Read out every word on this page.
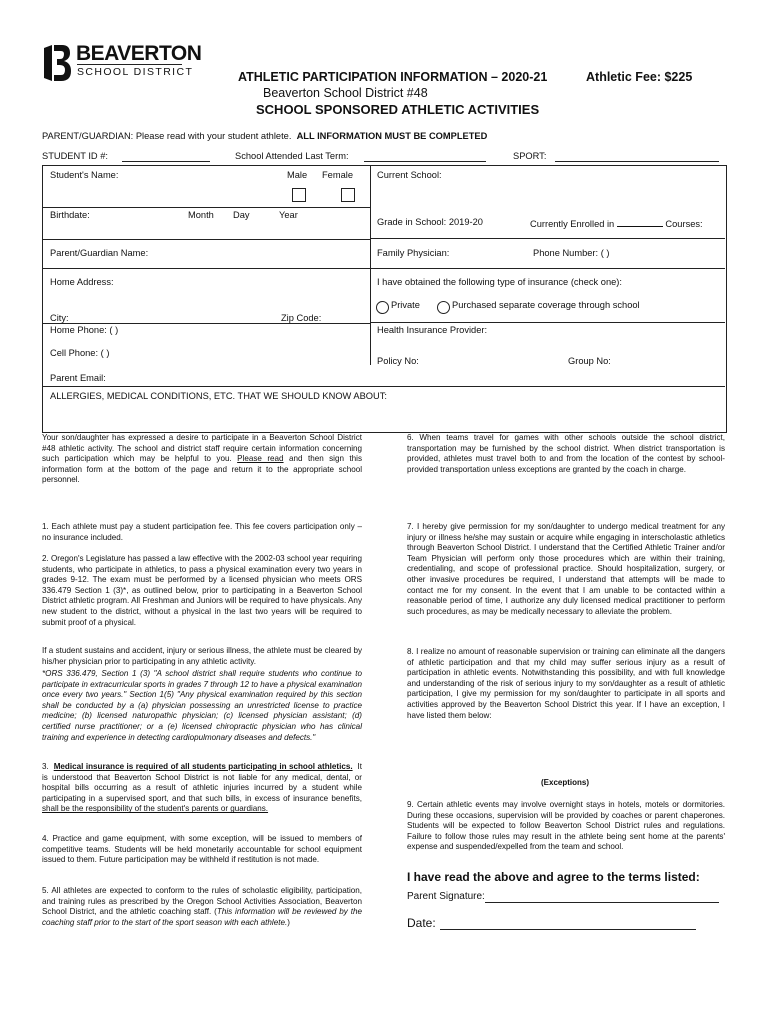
BEAVERTON
SCHOOL DISTRICT	ATHLETIC PARTICIPATION INFORMATION – 2020-21	Athletic Fee: $225
Beaverton School District #48
SCHOOL SPONSORED ATHLETIC ACTIVITIES
PARENT/GUARDIAN: Please read with your student athlete. ALL INFORMATION MUST BE COMPLETED
STUDENT ID #:	School Attended Last Term:	SPORT:
Student's Name:	Male Female
Birthdate:	Month Day	Year
Parent/Guardian Name:
Home Address:
City:	Zip Code:
Home Phone: ( )
Cell Phone: ( )
Parent Email:
Current School:
Grade in School: 2019-20	Currently Enrolled in	Courses:
Family Physician:	Phone Number: ( )
I have obtained the following type of insurance (check one):
Private	Purchased separate coverage through school
Health Insurance Provider:
Policy No:	Group No:
ALLERGIES, MEDICAL CONDITIONS, ETC. THAT WE SHOULD KNOW ABOUT:
Your son/daughter has expressed a desire to participate in a Beaverton School District #48 athletic activity. The school and district staff require certain information concerning such participation which may be helpful to you. Please read and then sign this information form at the bottom of the page and return it to the appropriate school personnel.
1. Each athlete must pay a student participation fee. This fee covers participation only – no insurance included.
2. Oregon's Legislature has passed a law effective with the 2002-03 school year requiring students, who participate in athletics, to pass a physical examination every two years in grades 9-12. The exam must be performed by a licensed physician who meets ORS 336.479 Section 1 (3)*, as outlined below, prior to participating in a Beaverton School District athletic program. All Freshman and Juniors will be required to have physicals. Any new student to the district, without a physical in the last two years will be required to submit proof of a physical.
If a student sustains and accident, injury or serious illness, the athlete must be cleared by his/her physician prior to participating in any athletic activity.
*ORS 336.479, Section 1 (3) "A school district shall require students who continue to participate in extracurricular sports in grades 7 through 12 to have a physical examination once every two years." Section 1(5) "Any physical examination required by this section shall be conducted by a (a) physician possessing an unrestricted license to practice medicine; (b) licensed naturopathic physician; (c) licensed physician assistant; (d) certified nurse practitioner; or a (e) licensed chiropractic physician who has clinical training and experience in detecting cardiopulmonary diseases and defects."
3. Medical insurance is required of all students participating in school athletics. It is understood that Beaverton School District is not liable for any medical, dental, or hospital bills occurring as a result of athletic injuries incurred by a student while participating in a supervised sport, and that such bills, in excess of insurance benefits, shall be the responsibility of the student's parents or guardians.
4. Practice and game equipment, with some exception, will be issued to members of competitive teams. Students will be held monetarily accountable for school equipment issued to them. Future participation may be withheld if restitution is not made.
5. All athletes are expected to conform to the rules of scholastic eligibility, participation, and training rules as prescribed by the Oregon School Activities Association, Beaverton School District, and the athletic coaching staff. (This information will be reviewed by the coaching staff prior to the start of the sport season with each athlete.)
6. When teams travel for games with other schools outside the school district, transportation may be furnished by the school district. When district transportation is provided, athletes must travel both to and from the location of the contest by school-provided transportation unless exceptions are granted by the coach in charge.
7. I hereby give permission for my son/daughter to undergo medical treatment for any injury or illness he/she may sustain or acquire while engaging in interscholastic athletics through Beaverton School District. I understand that the Certified Athletic Trainer and/or Team Physician will perform only those procedures which are within their training, credentialing, and scope of professional practice. Should hospitalization, surgery, or other invasive procedures be required, I understand that attempts will be made to contact me for my consent. In the event that I am unable to be contacted within a reasonable period of time, I authorize any duly licensed medical practitioner to perform such procedures, as may be medically necessary to alleviate the problem.
8. I realize no amount of reasonable supervision or training can eliminate all the dangers of athletic participation and that my child may suffer serious injury as a result of participation in athletic events. Notwithstanding this possibility, and with full knowledge and understanding of the risk of serious injury to my son/daughter as a result of athletic participation, I give my permission for my son/daughter to participate in all sports and activities approved by the Beaverton School District this year. If I have an exception, I have listed them below:
(Exceptions)
9. Certain athletic events may involve overnight stays in hotels, motels or dormitories. During these occasions, supervision will be provided by coaches or parent chaperones. Students will be expected to follow Beaverton School District rules and regulations. Failure to follow those rules may result in the athlete being sent home at the parents' expense and suspended/expelled from the team and school.
I have read the above and agree to the terms listed:
Parent Signature:
Date:
